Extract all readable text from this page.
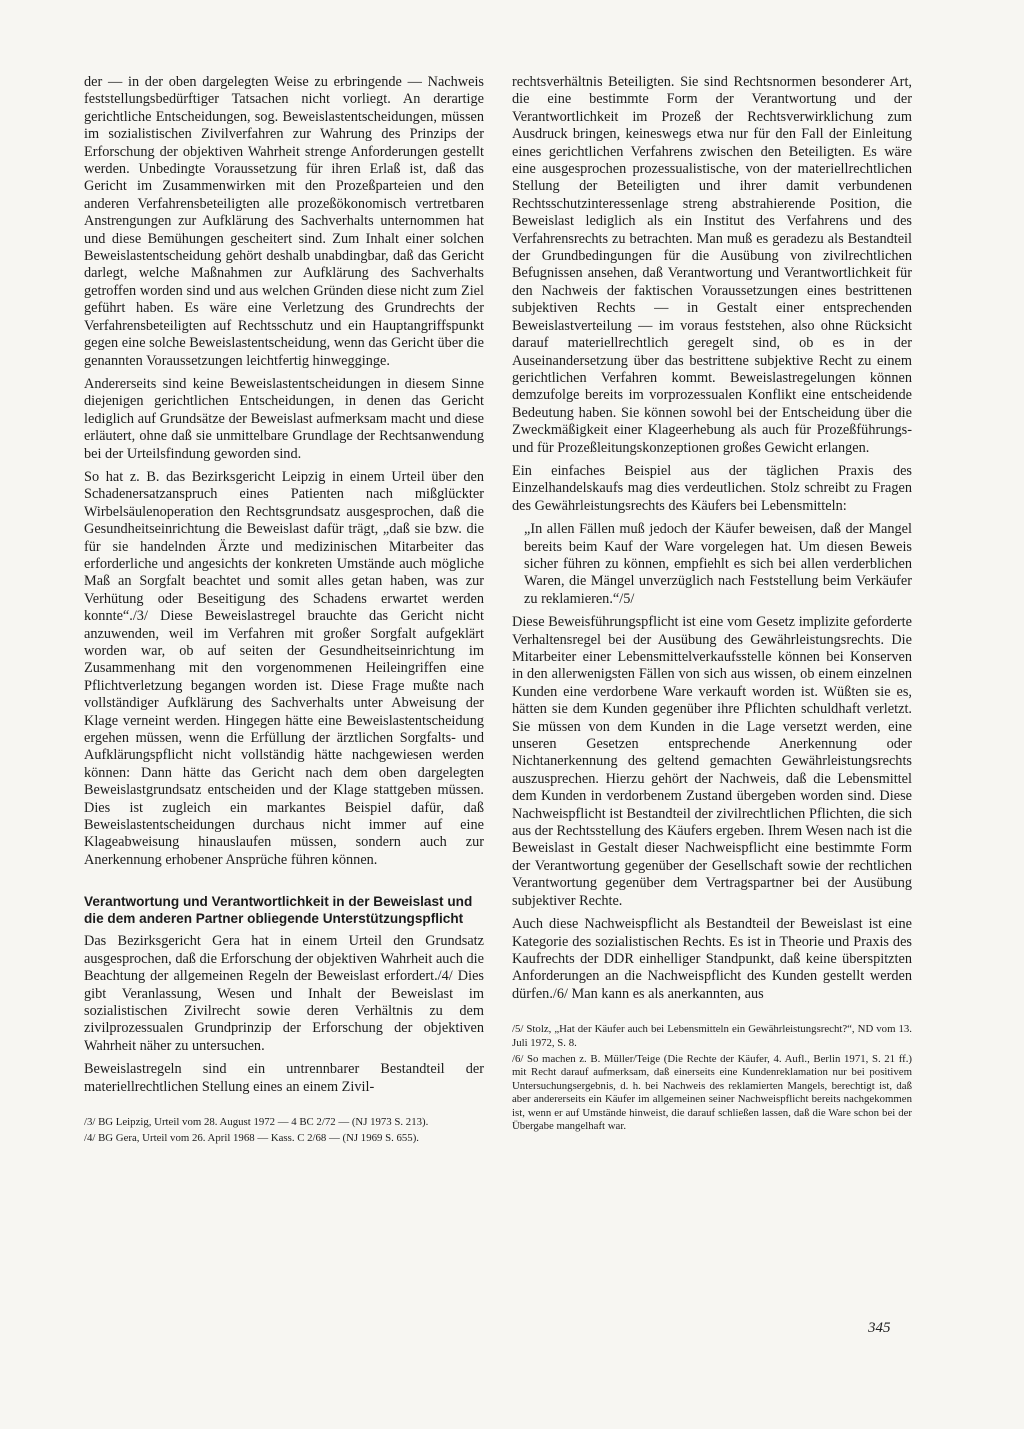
der — in der oben dargelegten Weise zu erbringende — Nachweis feststellungsbedürftiger Tatsachen nicht vorliegt. An derartige gerichtliche Entscheidungen, sog. Beweislastentscheidungen, müssen im sozialistischen Zivilverfahren zur Wahrung des Prinzips der Erforschung der objektiven Wahrheit strenge Anforderungen gestellt werden. Unbedingte Voraussetzung für ihren Erlaß ist, daß das Gericht im Zusammenwirken mit den Prozeßparteien und den anderen Verfahrensbeteiligten alle prozeßökonomisch vertretbaren Anstrengungen zur Aufklärung des Sachverhalts unternommen hat und diese Bemühungen gescheitert sind. Zum Inhalt einer solchen Beweislastentscheidung gehört deshalb unabdingbar, daß das Gericht darlegt, welche Maßnahmen zur Aufklärung des Sachverhalts getroffen worden sind und aus welchen Gründen diese nicht zum Ziel geführt haben. Es wäre eine Verletzung des Grundrechts der Verfahrensbeteiligten auf Rechtsschutz und ein Hauptangriffspunkt gegen eine solche Beweislastentscheidung, wenn das Gericht über die genannten Voraussetzungen leichtfertig hinwegginge.

Andererseits sind keine Beweislastentscheidungen in diesem Sinne diejenigen gerichtlichen Entscheidungen, in denen das Gericht lediglich auf Grundsätze der Beweislast aufmerksam macht und diese erläutert, ohne daß sie unmittelbare Grundlage der Rechtsanwendung bei der Urteilsfindung geworden sind.

So hat z. B. das Bezirksgericht Leipzig in einem Urteil über den Schadenersatzanspruch eines Patienten nach mißglückter Wirbelsäulenoperation den Rechtsgrundsatz ausgesprochen, daß die Gesundheitseinrichtung die Beweislast dafür trägt, „daß sie bzw. die für sie handelnden Ärzte und medizinischen Mitarbeiter das erforderliche und angesichts der konkreten Umstände auch mögliche Maß an Sorgfalt beachtet und somit alles getan haben, was zur Verhütung oder Beseitigung des Schadens erwartet werden konnte“./3/ Diese Beweislastregel brauchte das Gericht nicht anzuwenden, weil im Verfahren mit großer Sorgfalt aufgeklärt worden war, ob auf seiten der Gesundheitseinrichtung im Zusammenhang mit den vorgenommenen Heileingriffen eine Pflichtverletzung begangen worden ist. Diese Frage mußte nach vollständiger Aufklärung des Sachverhalts unter Abweisung der Klage verneint werden. Hingegen hätte eine Beweislastentscheidung ergehen müssen, wenn die Erfüllung der ärztlichen Sorgfalts- und Aufklärungspflicht nicht vollständig hätte nachgewiesen werden können: Dann hätte das Gericht nach dem oben dargelegten Beweislastgrundsatz entscheiden und der Klage stattgeben müssen. Dies ist zugleich ein markantes Beispiel dafür, daß Beweislastentscheidungen durchaus nicht immer auf eine Klageabweisung hinauslaufen müssen, sondern auch zur Anerkennung erhobener Ansprüche führen können.

Verantwortung und Verantwortlichkeit in der Beweislast und die dem anderen Partner obliegende Unterstützungspflicht

Das Bezirksgericht Gera hat in einem Urteil den Grundsatz ausgesprochen, daß die Erforschung der objektiven Wahrheit auch die Beachtung der allgemeinen Regeln der Beweislast erfordert./4/ Dies gibt Veranlassung, Wesen und Inhalt der Beweislast im sozialistischen Zivilrecht sowie deren Verhältnis zu dem zivilprozessualen Grundprinzip der Erforschung der objektiven Wahrheit näher zu untersuchen.

Beweislastregeln sind ein untrennbarer Bestandteil der materiellrechtlichen Stellung eines an einem Zivil-

/3/ BG Leipzig, Urteil vom 28. August 1972 — 4 BC 2/72 — (NJ 1973 S. 213).

/4/ BG Gera, Urteil vom 26. April 1968 — Kass. C 2/68 — (NJ 1969 S. 655).

rechtsverhältnis Beteiligten. Sie sind Rechtsnormen besonderer Art, die eine bestimmte Form der Verantwortung und der Verantwortlichkeit im Prozeß der Rechtsverwirklichung zum Ausdruck bringen, keineswegs etwa nur für den Fall der Einleitung eines gerichtlichen Verfahrens zwischen den Beteiligten. Es wäre eine ausgesprochen prozessualistische, von der materiellrechtlichen Stellung der Beteiligten und ihrer damit verbundenen Rechtsschutzinteressenlage streng abstrahierende Position, die Beweislast lediglich als ein Institut des Verfahrens und des Verfahrensrechts zu betrachten. Man muß es geradezu als Bestandteil der Grundbedingungen für die Ausübung von zivilrechtlichen Befugnissen ansehen, daß Verantwortung und Verantwortlichkeit für den Nachweis der faktischen Voraussetzungen eines bestrittenen subjektiven Rechts — in Gestalt einer entsprechenden Beweislastverteilung — im voraus feststehen, also ohne Rücksicht darauf materiellrechtlich geregelt sind, ob es in der Auseinandersetzung über das bestrittene subjektive Recht zu einem gerichtlichen Verfahren kommt. Beweislastregelungen können demzufolge bereits im vorprozessualen Konflikt eine entscheidende Bedeutung haben. Sie können sowohl bei der Entscheidung über die Zweckmäßigkeit einer Klageerhebung als auch für Prozeßführungs- und für Prozeßleitungskonzeptionen großes Gewicht erlangen.

Ein einfaches Beispiel aus der täglichen Praxis des Einzelhandelskaufs mag dies verdeutlichen. Stolz schreibt zu Fragen des Gewährleistungsrechts des Käufers bei Lebensmitteln:

„In allen Fällen muß jedoch der Käufer beweisen, daß der Mangel bereits beim Kauf der Ware vorgelegen hat. Um diesen Beweis sicher führen zu können, empfiehlt es sich bei allen verderblichen Waren, die Mängel unverzüglich nach Feststellung beim Verkäufer zu reklamieren.“/5/

Diese Beweisführungspflicht ist eine vom Gesetz implizite geforderte Verhaltensregel bei der Ausübung des Gewährleistungsrechts. Die Mitarbeiter einer Lebensmittelverkaufsstelle können bei Konserven in den allerwenigsten Fällen von sich aus wissen, ob einem einzelnen Kunden eine verdorbene Ware verkauft worden ist. Wüßten sie es, hätten sie dem Kunden gegenüber ihre Pflichten schuldhaft verletzt. Sie müssen von dem Kunden in die Lage versetzt werden, eine unseren Gesetzen entsprechende Anerkennung oder Nichtanerkennung des geltend gemachten Gewährleistungsrechts auszusprechen. Hierzu gehört der Nachweis, daß die Lebensmittel dem Kunden in verdorbenem Zustand übergeben worden sind. Diese Nachweispflicht ist Bestandteil der zivilrechtlichen Pflichten, die sich aus der Rechtsstellung des Käufers ergeben. Ihrem Wesen nach ist die Beweislast in Gestalt dieser Nachweispflicht eine bestimmte Form der Verantwortung gegenüber der Gesellschaft sowie der rechtlichen Verantwortung gegenüber dem Vertragspartner bei der Ausübung subjektiver Rechte.

Auch diese Nachweispflicht als Bestandteil der Beweislast ist eine Kategorie des sozialistischen Rechts. Es ist in Theorie und Praxis des Kaufrechts der DDR einhelliger Standpunkt, daß keine überspitzten Anforderungen an die Nachweispflicht des Kunden gestellt werden dürfen./6/ Man kann es als anerkannten, aus

/5/ Stolz, „Hat der Käufer auch bei Lebensmitteln ein Gewährleistungsrecht?“, ND vom 13. Juli 1972, S. 8.

/6/ So machen z. B. Müller/Teige (Die Rechte der Käufer, 4. Aufl., Berlin 1971, S. 21 ff.) mit Recht darauf aufmerksam, daß einerseits eine Kundenreklamation nur bei positivem Untersuchungsergebnis, d. h. bei Nachweis des reklamierten Mangels, berechtigt ist, daß aber andererseits ein Käufer im allgemeinen seiner Nachweispflicht bereits nachgekommen ist, wenn er auf Umstände hinweist, die darauf schließen lassen, daß die Ware schon bei der Übergabe mangelhaft war.

345
